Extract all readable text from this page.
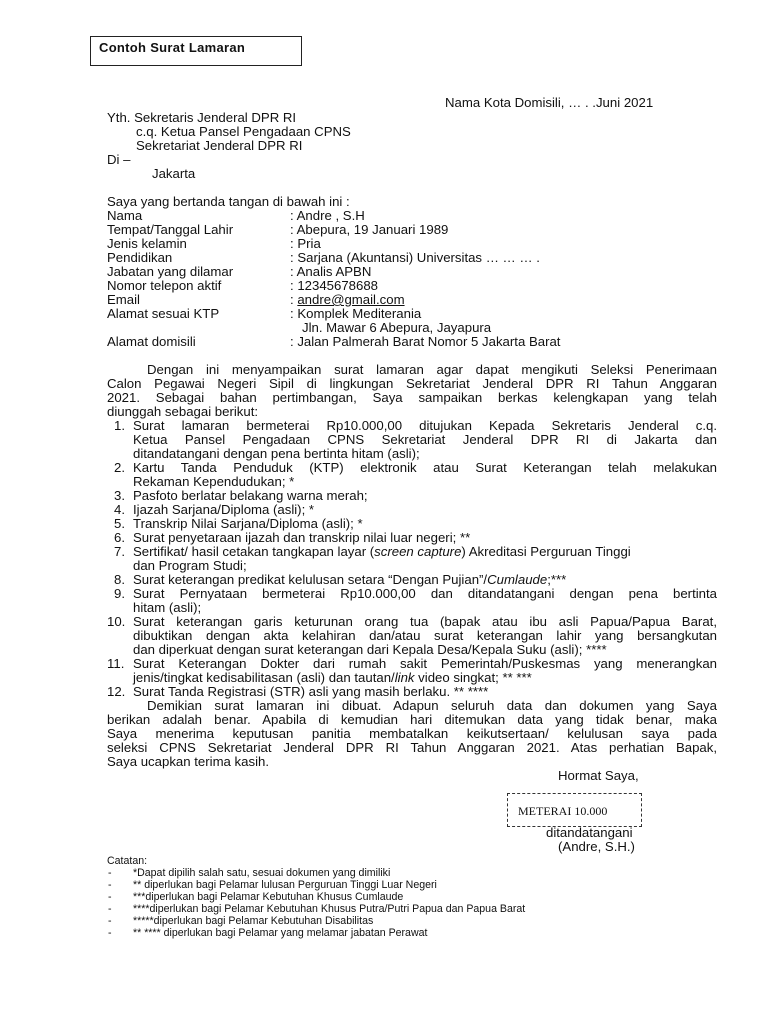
Contoh Surat Lamaran
Nama Kota Domisili, … . .Juni 2021
Yth. Sekretaris Jenderal DPR RI
c.q. Ketua Pansel Pengadaan CPNS
Sekretariat Jenderal DPR RI
Di –
Jakarta
Saya yang bertanda tangan di bawah ini :
Nama	: Andre , S.H
Tempat/Tanggal Lahir	: Abepura, 19 Januari 1989
Jenis kelamin	: Pria
Pendidikan	: Sarjana (Akuntansi) Universitas … … … .
Jabatan yang dilamar	: Analis APBN
Nomor telepon aktif	: 12345678688
Email	: andre@gmail.com
Alamat sesuai KTP	: Komplek Mediterania
Jln. Mawar 6 Abepura, Jayapura
Alamat domisili	: Jalan Palmerah Barat Nomor 5 Jakarta Barat
Dengan ini menyampaikan surat lamaran agar dapat mengikuti Seleksi Penerimaan
Calon Pegawai Negeri Sipil di lingkungan Sekretariat Jenderal DPR RI Tahun Anggaran
2021. Sebagai bahan pertimbangan, Saya sampaikan berkas kelengkapan yang telah
diunggah sebagai berikut:
1. Surat lamaran bermeterai Rp10.000,00 ditujukan Kepada Sekretaris Jenderal c.q.
Ketua Pansel Pengadaan CPNS Sekretariat Jenderal DPR RI di Jakarta dan
ditandatangani dengan pena bertinta hitam (asli);
2. Kartu Tanda Penduduk (KTP) elektronik atau Surat Keterangan telah melakukan
Rekaman Kependudukan; *
3. Pasfoto berlatar belakang warna merah;
4. Ijazah Sarjana/Diploma (asli); *
5. Transkrip Nilai Sarjana/Diploma (asli); *
6. Surat penyetaraan ijazah dan transkrip nilai luar negeri; **
7. Sertifikat/ hasil cetakan tangkapan layar (screen capture) Akreditasi Perguruan Tinggi
dan Program Studi;
8. Surat keterangan predikat kelulusan setara “Dengan Pujian”/Cumlaude;***
9. Surat Pernyataan bermeterai Rp10.000,00 dan ditandatangani dengan pena bertinta
hitam (asli);
10. Surat keterangan garis keturunan orang tua (bapak atau ibu asli Papua/Papua Barat,
dibuktikan dengan akta kelahiran dan/atau surat keterangan lahir yang bersangkutan
dan diperkuat dengan surat keterangan dari Kepala Desa/Kepala Suku (asli); ****
11. Surat Keterangan Dokter dari rumah sakit Pemerintah/Puskesmas yang menerangkan
jenis/tingkat kedisabilitasan (asli) dan tautan/link video singkat; ** ***
12. Surat Tanda Registrasi (STR) asli yang masih berlaku. ** ****
Demikian surat lamaran ini dibuat. Adapun seluruh data dan dokumen yang Saya
berikan adalah benar. Apabila di kemudian hari ditemukan data yang tidak benar, maka
Saya menerima keputusan panitia membatalkan keikutsertaan/ kelulusan saya pada
seleksi CPNS Sekretariat Jenderal DPR RI Tahun Anggaran 2021. Atas perhatian Bapak,
Saya ucapkan terima kasih.
Hormat Saya,
METERAI 10.000
ditandatangani
(Andre, S.H.)
Catatan:
- *Dapat dipilih salah satu, sesuai dokumen yang dimiliki
- ** diperlukan bagi Pelamar lulusan Perguruan Tinggi Luar Negeri
- ***diperlukan bagi Pelamar Kebutuhan Khusus Cumlaude
- ****diperlukan bagi Pelamar Kebutuhan Khusus Putra/Putri Papua dan Papua Barat
- *****diperlukan bagi Pelamar Kebutuhan Disabilitas
- ** **** diperlukan bagi Pelamar yang melamar jabatan Perawat
